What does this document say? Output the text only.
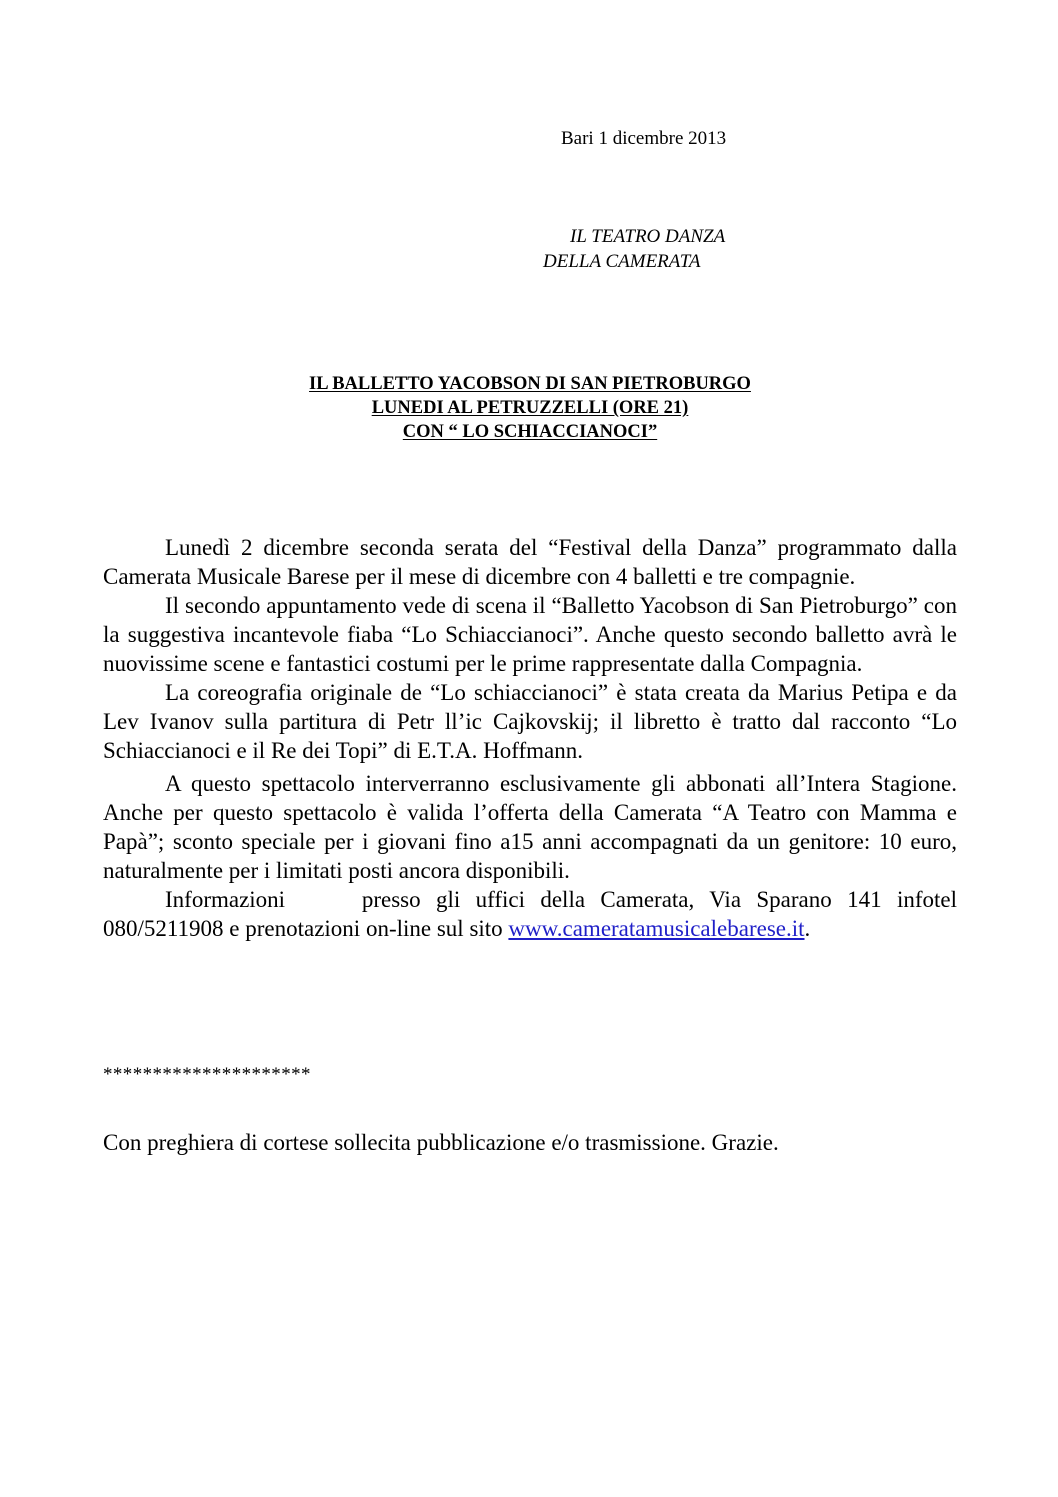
Bari 1 dicembre 2013
IL TEATRO DANZA
DELLA CAMERATA
IL BALLETTO YACOBSON DI SAN PIETROBURGO
LUNEDI AL PETRUZZELLI (ORE 21)
CON “ LO SCHIACCIANOCI”

Lunedì 2 dicembre seconda serata del “Festival della Danza” programmato dalla Camerata Musicale Barese per il mese di dicembre con 4 balletti e tre compagnie.

Il secondo appuntamento vede di scena il “Balletto Yacobson di San Pietroburgo” con la suggestiva incantevole fiaba “Lo Schiaccianoci”. Anche questo secondo balletto avrà le nuovissime scene e fantastici costumi per le prime rappresentate dalla Compagnia.

La coreografia originale de “Lo schiaccianoci” è stata creata da Marius Petipa e da Lev Ivanov sulla partitura di Petr ll’ic Cajkovskij; il libretto è tratto dal racconto “Lo Schiaccianoci e il Re dei Topi” di E.T.A. Hoffmann.

A questo spettacolo interverranno esclusivamente gli abbonati all’Intera Stagione. Anche per questo spettacolo è valida l’offerta della Camerata “A Teatro con Mamma e Papà”; sconto speciale per i giovani fino a15 anni accompagnati da un genitore: 10 euro, naturalmente per i limitati posti ancora disponibili.

Informazioni     presso gli uffici della Camerata, Via Sparano 141 infotel 080/5211908 e prenotazioni on-line sul sito www.cameratamusicalebarese.it.

*********************
Con preghiera di cortese sollecita pubblicazione e/o trasmissione. Grazie.
